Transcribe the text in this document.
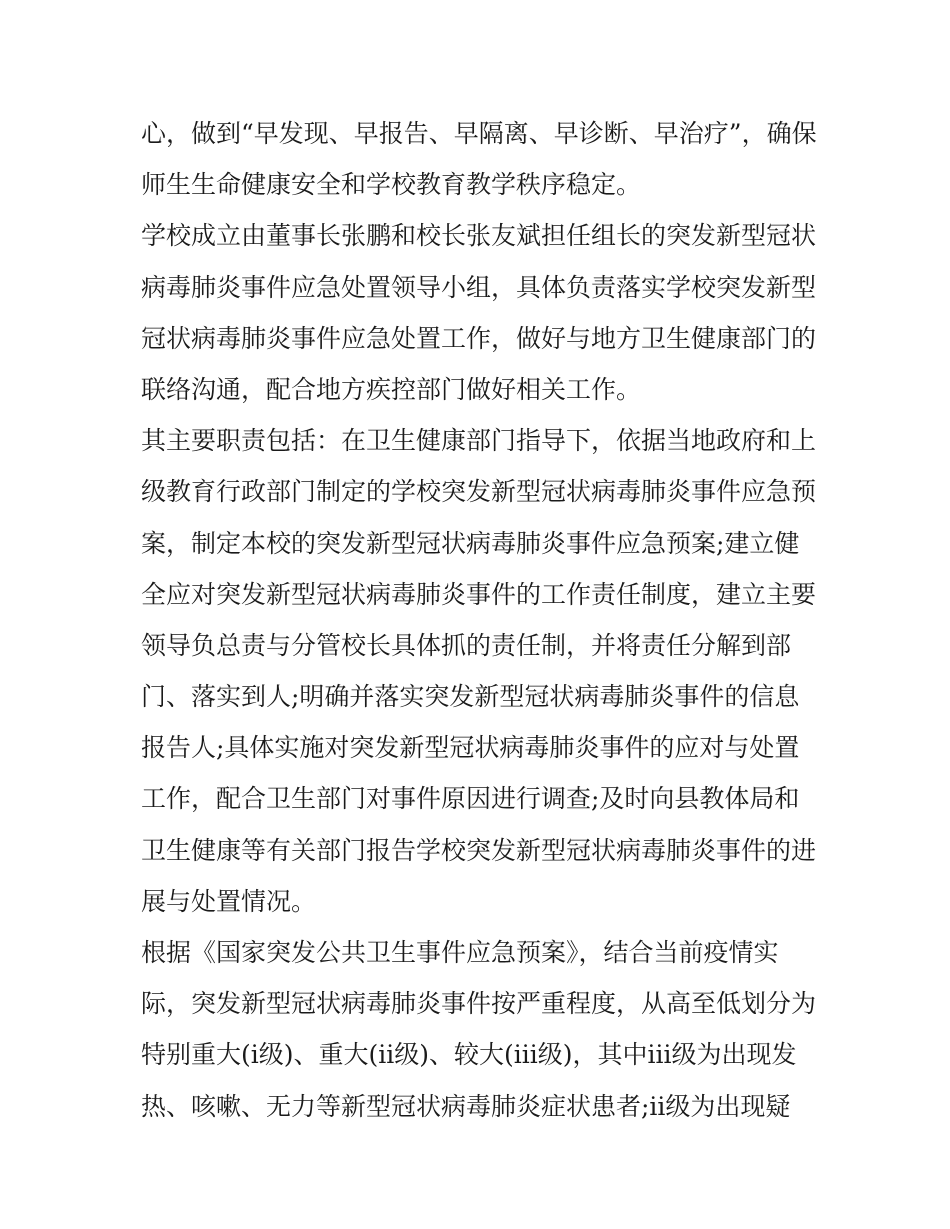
心，做到“早发现、早报告、早隔离、早诊断、早治疗”，确保
师生生命健康安全和学校教育教学秩序稳定。
学校成立由董事长张鹏和校长张友斌担任组长的突发新型冠状
病毒肺炎事件应急处置领导小组，具体负责落实学校突发新型
冠状病毒肺炎事件应急处置工作，做好与地方卫生健康部门的
联络沟通，配合地方疾控部门做好相关工作。
其主要职责包括：在卫生健康部门指导下，依据当地政府和上
级教育行政部门制定的学校突发新型冠状病毒肺炎事件应急预
案，制定本校的突发新型冠状病毒肺炎事件应急预案;建立健
全应对突发新型冠状病毒肺炎事件的工作责任制度，建立主要
领导负总责与分管校长具体抓的责任制，并将责任分解到部
门、落实到人;明确并落实突发新型冠状病毒肺炎事件的信息
报告人;具体实施对突发新型冠状病毒肺炎事件的应对与处置
工作，配合卫生部门对事件原因进行调查;及时向县教体局和
卫生健康等有关部门报告学校突发新型冠状病毒肺炎事件的进
展与处置情况。
根据《国家突发公共卫生事件应急预案》，结合当前疫情实
际，突发新型冠状病毒肺炎事件按严重程度，从高至低划分为
特别重大(ⅰ级)、重大(ⅱ级)、较大(ⅲ级)，其中ⅲ级为出现发
热、咳嗽、无力等新型冠状病毒肺炎症状患者;ⅱ级为出现疑
